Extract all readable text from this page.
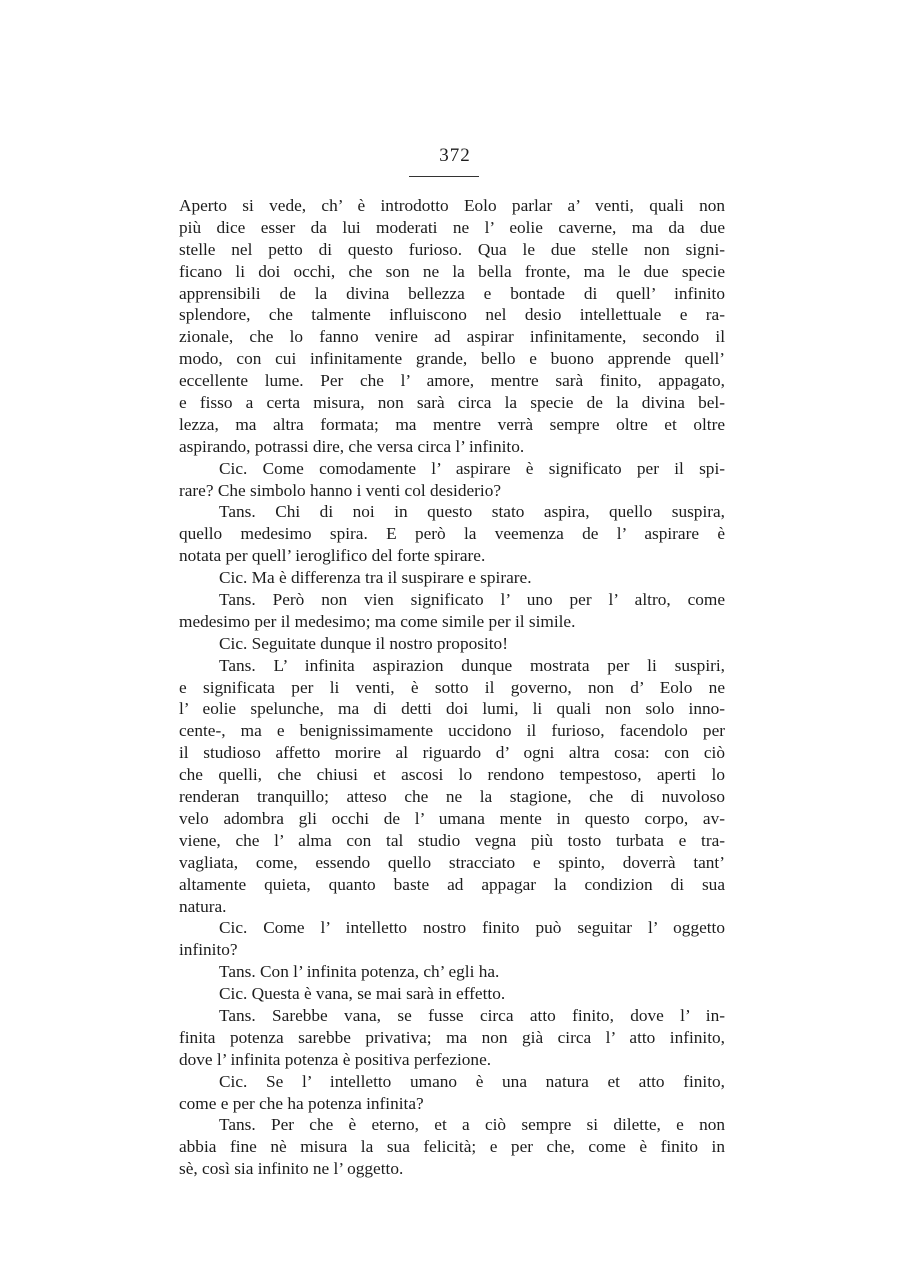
372
Aperto si vede, ch’ è introdotto Eolo parlar a’ venti, quali non
più dice esser da lui moderati ne l’ eolie caverne, ma da due
stelle nel petto di questo furioso. Qua le due stelle non signi-
ficano li doi occhi, che son ne la bella fronte, ma le due specie
apprensibili de la divina bellezza e bontade di quell’ infinito
splendore, che talmente influiscono nel desio intellettuale e ra-
zionale, che lo fanno venire ad aspirar infinitamente, secondo il
modo, con cui infinitamente grande, bello e buono apprende quell’
eccellente lume. Per che l’ amore, mentre sarà finito, appagato,
e fisso a certa misura, non sarà circa la specie de la divina bel-
lezza, ma altra formata; ma mentre verrà sempre oltre et oltre
aspirando, potrassi dire, che versa circa l’ infinito.
Cic. Come comodamente l’ aspirare è significato per il spi-
rare? Che simbolo hanno i venti col desiderio?
Tans. Chi di noi in questo stato aspira, quello suspira,
quello medesimo spira. E però la veemenza de l’ aspirare è
notata per quell’ ieroglifico del forte spirare.
Cic. Ma è differenza tra il suspirare e spirare.
Tans. Però non vien significato l’ uno per l’ altro, come
medesimo per il medesimo; ma come simile per il simile.
Cic. Seguitate dunque il nostro proposito!
Tans. L’ infinita aspirazion dunque mostrata per li suspiri,
e significata per li venti, è sotto il governo, non d’ Eolo ne
l’ eolie spelunche, ma di detti doi lumi, li quali non solo inno-
cente-, ma e benignissimamente uccidono il furioso, facendolo per
il studioso affetto morire al riguardo d’ ogni altra cosa: con ciò
che quelli, che chiusi et ascosi lo rendono tempestoso, aperti lo
renderan tranquillo; atteso che ne la stagione, che di nuvoloso
velo adombra gli occhi de l’ umana mente in questo corpo, av-
viene, che l’ alma con tal studio vegna più tosto turbata e tra-
vagliata, come, essendo quello stracciato e spinto, doverrà tant’
altamente quieta, quanto baste ad appagar la condizion di sua
natura.
Cic. Come l’ intelletto nostro finito può seguitar l’ oggetto
infinito?
Tans. Con l’ infinita potenza, ch’ egli ha.
Cic. Questa è vana, se mai sarà in effetto.
Tans. Sarebbe vana, se fusse circa atto finito, dove l’ in-
finita potenza sarebbe privativa; ma non già circa l’ atto infinito,
dove l’ infinita potenza è positiva perfezione.
Cic. Se l’ intelletto umano è una natura et atto finito,
come e per che ha potenza infinita?
Tans. Per che è eterno, et a ciò sempre si dilette, e non
abbia fine nè misura la sua felicità; e per che, come è finito in
sè, così sia infinito ne l’ oggetto.
